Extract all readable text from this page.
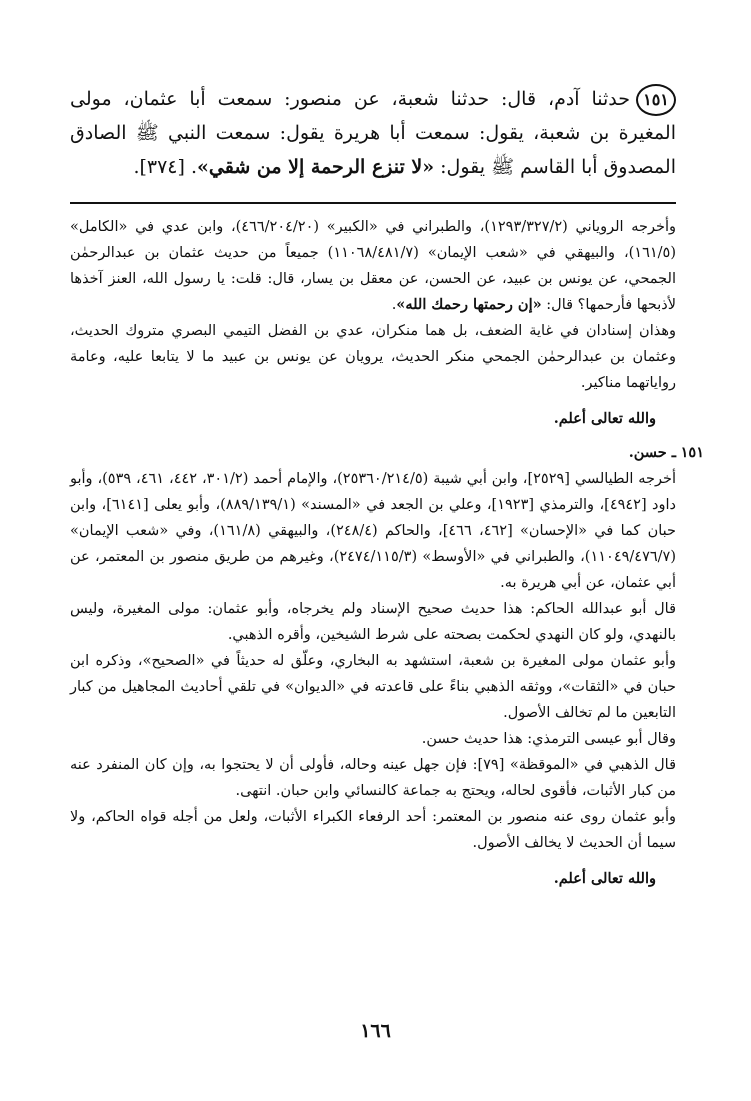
١٥١حدثنا آدم، قال: حدثنا شعبة، عن منصور: سمعت أبا عثمان، مولى المغيرة بن شعبة، يقول: سمعت أبا هريرة يقول: سمعت النبي ﷺ الصادق المصدوق أبا القاسم ﷺ يقول: «لا تنزع الرحمة إلا من شقي». [٣٧٤].

وأخرجه الروياني (١٢٩٣/٣٢٧/٢)، والطبراني في «الكبير» (٤٦٦/٢٠٤/٢٠)، وابن عدي في «الكامل» (١٦١/٥)، والبيهقي في «شعب الإيمان» (١١٠٦٨/٤٨١/٧) جميعاً من حديث عثمان بن عبدالرحمٰن الجمحي، عن يونس بن عبيد، عن الحسن، عن معقل بن يسار، قال: قلت: يا رسول الله، العنز آخذها لأذبحها فأرحمها؟ قال: «إن رحمتها رحمك الله».

وهذان إسنادان في غاية الضعف، بل هما منكران، عدي بن الفضل التيمي البصري متروك الحديث، وعثمان بن عبدالرحمٰن الجمحي منكر الحديث، يرويان عن يونس بن عبيد ما لا يتابعا عليه، وعامة رواياتهما مناكير.

والله تعالى أعلم.

١٥١
ـ حسن.

أخرجه الطيالسي [٢٥٢٩]، وابن أبي شيبة (٢٥٣٦٠/٢١٤/٥)، والإمام أحمد (٣٠١/٢، ٤٤٢، ٤٦١، ٥٣٩)، وأبو داود [٤٩٤٢]، والترمذي [١٩٢٣]، وعلي بن الجعد في «المسند» (٨٨٩/١٣٩/١)، وأبو يعلى [٦١٤١]، وابن حبان كما في «الإحسان» [٤٦٢، ٤٦٦]، والحاكم (٢٤٨/٤)، والبيهقي (١٦١/٨)، وفي «شعب الإيمان» (١١٠٤٩/٤٧٦/٧)، والطبراني في «الأوسط» (٢٤٧٤/١١٥/٣)، وغيرهم من طريق منصور بن المعتمر، عن أبي عثمان، عن أبي هريرة به.

قال أبو عبدالله الحاكم: هذا حديث صحيح الإسناد ولم يخرجاه، وأبو عثمان: مولى المغيرة، وليس بالنهدي، ولو كان النهدي لحكمت بصحته على شرط الشيخين، وأقره الذهبي.

وأبو عثمان مولى المغيرة بن شعبة، استشهد به البخاري، وعلّق له حديثاً في «الصحيح»، وذكره ابن حبان في «الثقات»، ووثقه الذهبي بناءً على قاعدته في «الديوان» في تلقي أحاديث المجاهيل من كبار التابعين ما لم تخالف الأصول.

وقال أبو عيسى الترمذي: هذا حديث حسن.

قال الذهبي في «الموقظة» [٧٩]: فإن جهل عينه وحاله، فأولى أن لا يحتجوا به، وإن كان المنفرد عنه من كبار الأثبات، فأقوى لحاله، ويحتج به جماعة كالنسائي وابن حبان. انتهى.

وأبو عثمان روى عنه منصور بن المعتمر: أحد الرفعاء الكبراء الأثبات، ولعل من أجله قواه الحاكم، ولا سيما أن الحديث لا يخالف الأصول.

والله تعالى أعلم.

١٦٦
